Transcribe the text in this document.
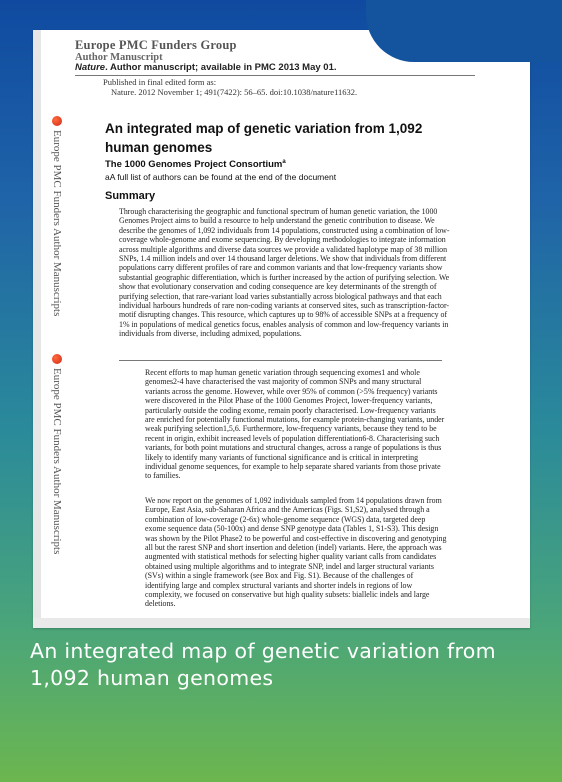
Europe PMC Funders Author Manuscripts
Europe PMC Funders Author Manuscripts
Europe PMC Funders Group
Author Manuscript
Nature. Author manuscript; available in PMC 2013 May 01.
Published in final edited form as:
Nature. 2012 November 1; 491(7422): 56–65. doi:10.1038/nature11632.
An integrated map of genetic variation from 1,092 human genomes
The 1000 Genomes Project Consortium$^a$
aA full list of authors can be found at the end of the document
Summary
Through characterising the geographic and functional spectrum of human genetic variation, the 1000 Genomes Project aims to build a resource to help understand the genetic contribution to disease. We describe the genomes of 1,092 individuals from 14 populations, constructed using a combination of low-coverage whole-genome and exome sequencing. By developing methodologies to integrate information across multiple algorithms and diverse data sources we provide a validated haplotype map of 38 million SNPs, 1.4 million indels and over 14 thousand larger deletions. We show that individuals from different populations carry different profiles of rare and common variants and that low-frequency variants show substantial geographic differentiation, which is further increased by the action of purifying selection. We show that evolutionary conservation and coding consequence are key determinants of the strength of purifying selection, that rare-variant load varies substantially across biological pathways and that each individual harbours hundreds of rare non-coding variants at conserved sites, such as transcription-factor-motif disrupting changes. This resource, which captures up to 98% of accessible SNPs at a frequency of 1% in populations of medical genetics focus, enables analysis of common and low-frequency variants in individuals from diverse, including admixed, populations.
Recent efforts to map human genetic variation through sequencing exomes1 and whole genomes2-4 have characterised the vast majority of common SNPs and many structural variants across the genome. However, while over 95% of common (>5% frequency) variants were discovered in the Pilot Phase of the 1000 Genomes Project, lower-frequency variants, particularly outside the coding exome, remain poorly characterised. Low-frequency variants are enriched for potentially functional mutations, for example protein-changing variants, under weak purifying selection1,5,6. Furthermore, low-frequency variants, because they tend to be recent in origin, exhibit increased levels of population differentiation6-8. Characterising such variants, for both point mutations and structural changes, across a range of populations is thus likely to identify many variants of functional significance and is critical in interpreting individual genome sequences, for example to help separate shared variants from those private to families.
We now report on the genomes of 1,092 individuals sampled from 14 populations drawn from Europe, East Asia, sub-Saharan Africa and the Americas (Figs. S1,S2), analysed through a combination of low-coverage (2-6x) whole-genome sequence (WGS) data, targeted deep exome sequence data (50-100x) and dense SNP genotype data (Tables 1, S1-S3). This design was shown by the Pilot Phase2 to be powerful and cost-effective in discovering and genotyping all but the rarest SNP and short insertion and deletion (indel) variants. Here, the approach was augmented with statistical methods for selecting higher quality variant calls from candidates obtained using multiple algorithms and to integrate SNP, indel and larger structural variants (SVs) within a single framework (see Box and Fig. S1). Because of the challenges of identifying large and complex structural variants and shorter indels in regions of low complexity, we focused on conservative but high quality subsets: biallelic indels and large deletions.
An integrated map of genetic variation from 1,092 human genomes
